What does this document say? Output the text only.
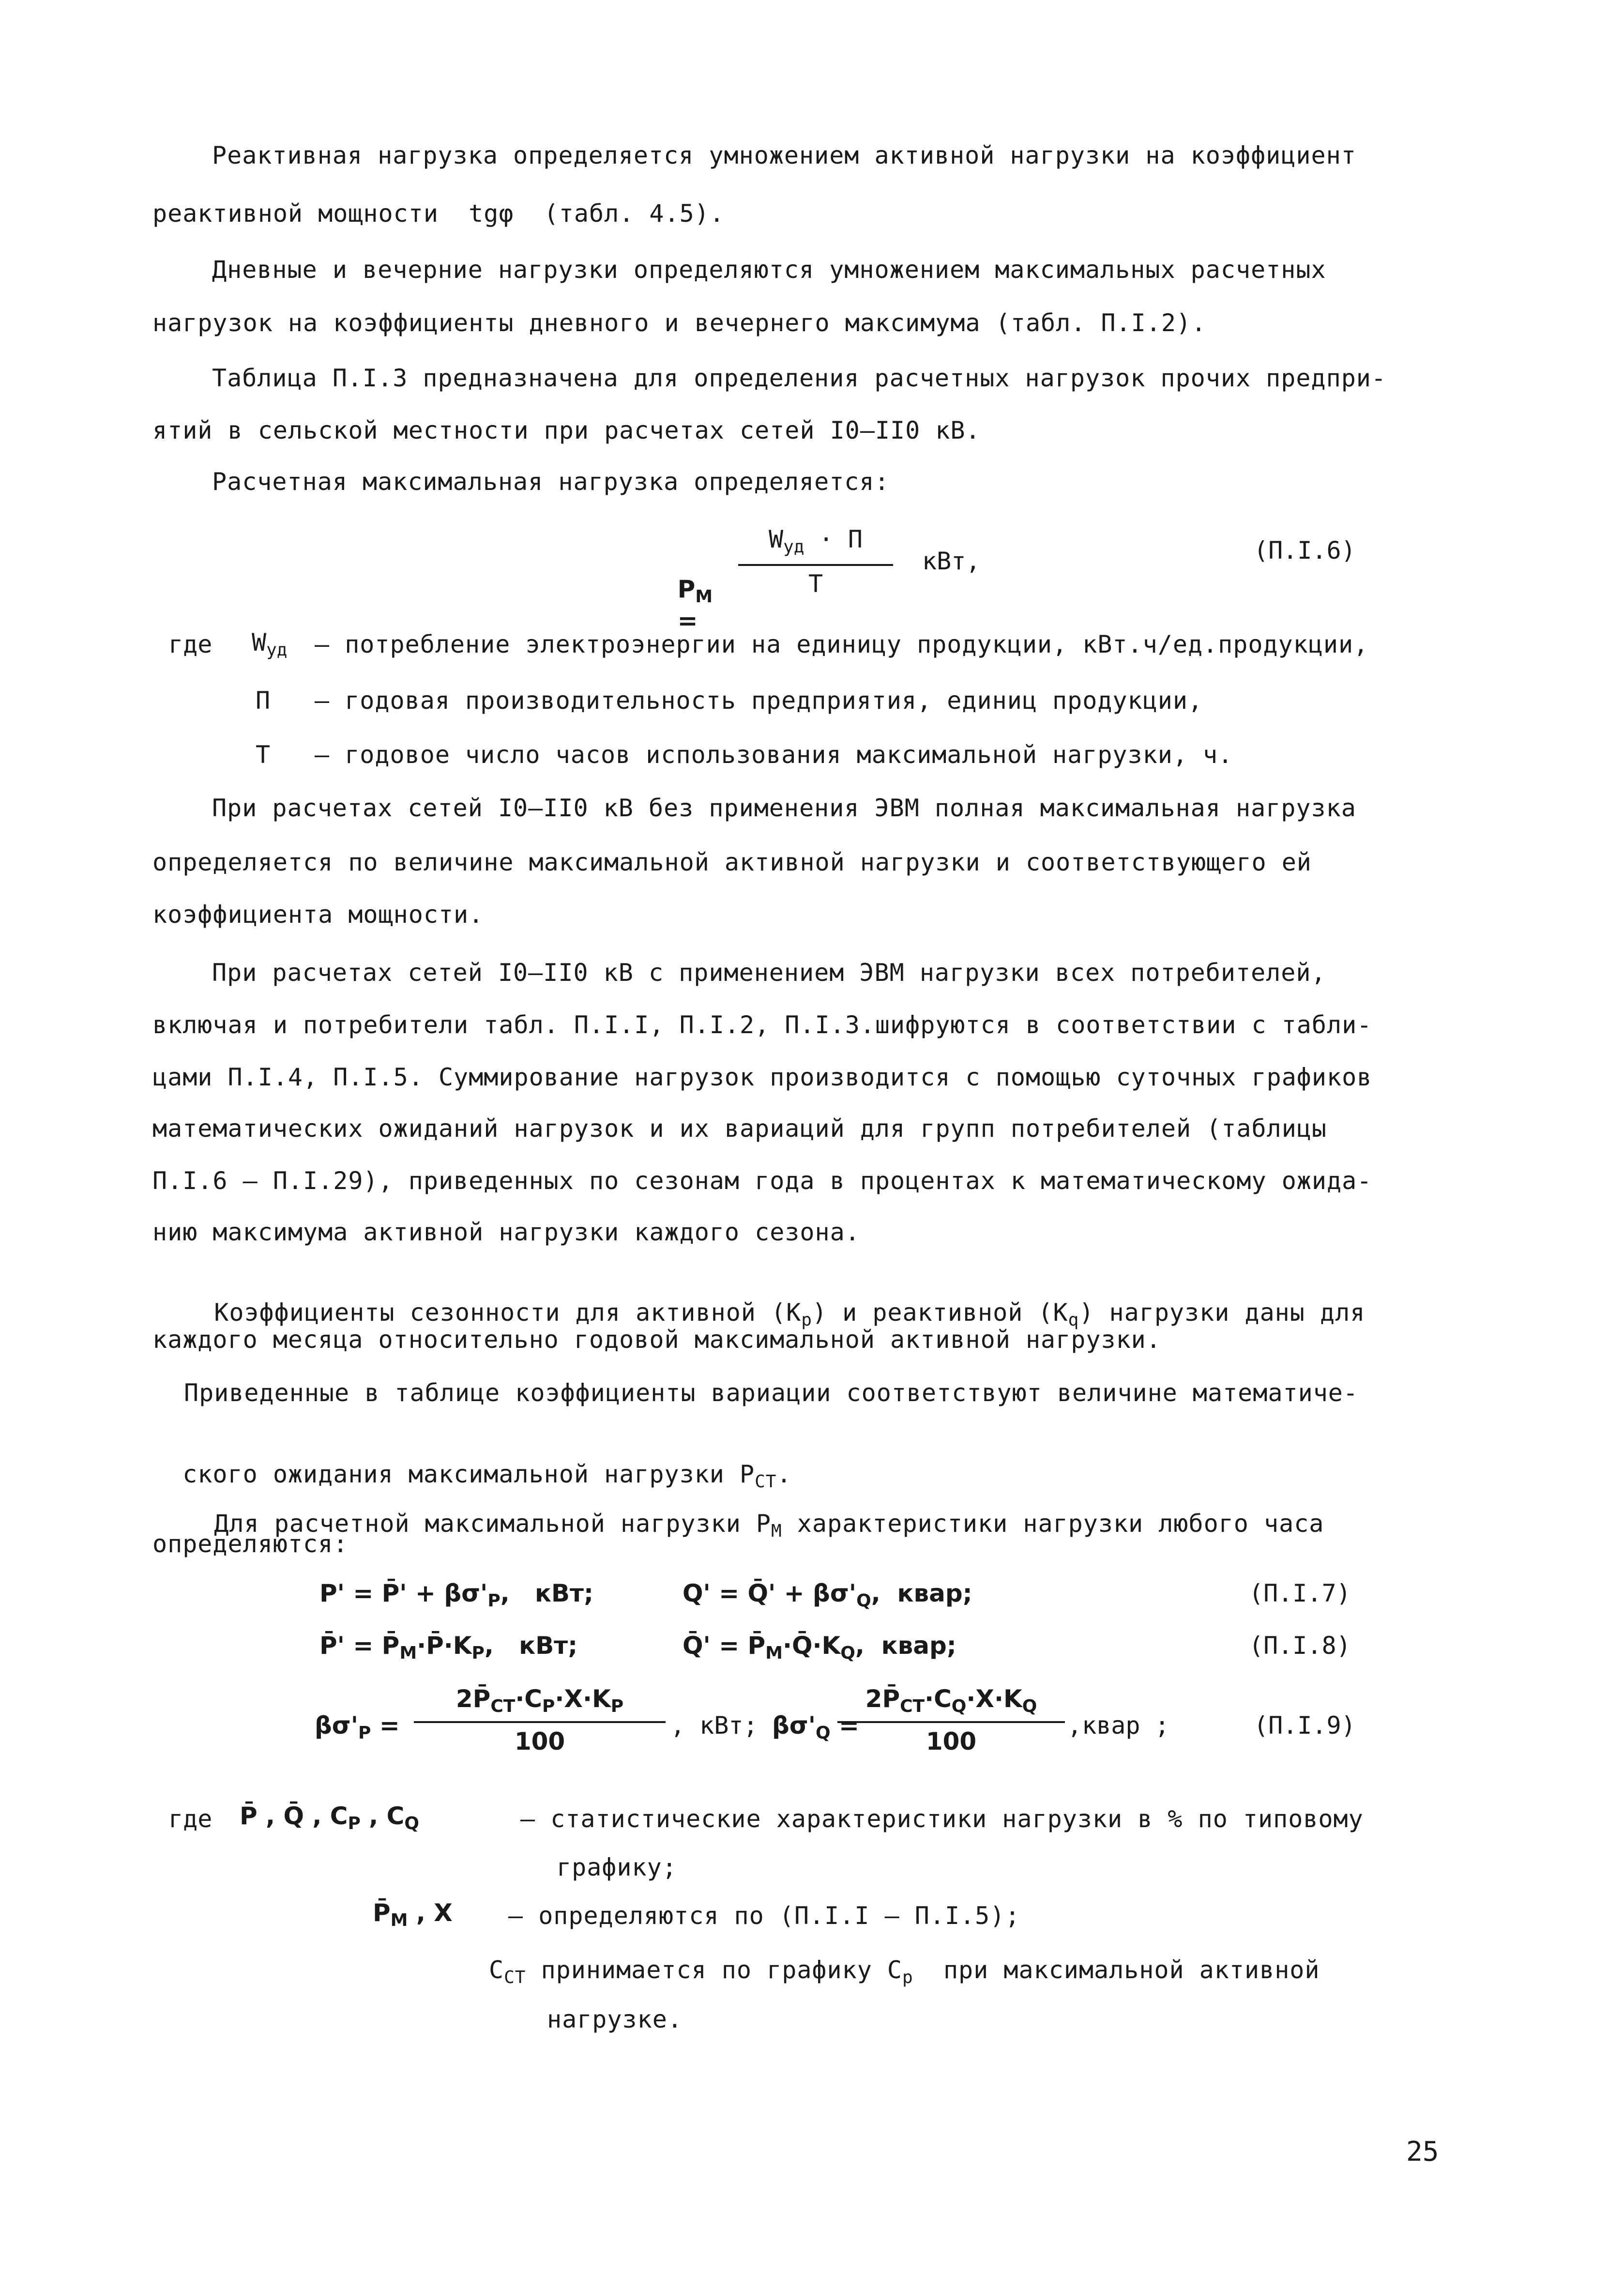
Реактивная нагрузка определяется умножением активной нагрузки на коэффициент
реактивной мощности  tgφ  (табл. 4.5).
Дневные и вечерние нагрузки определяются умножением максимальных расчетных
нагрузок на коэффициенты дневного и вечернего максимума (табл. П.I.2).
Таблица П.I.3 предназначена для определения расчетных нагрузок прочих предпри-
ятий в сельской местности при расчетах сетей I0–II0 кВ.
Расчетная максимальная нагрузка определяется:

$Р_М$
=

$W_{уд} \cdot П$
Т
кВт,	(П.I.6)
где $W_{уд}$ – потребление электроэнергии на единицу продукции, кВт.ч/ед.продукции,
П – годовая производительность предприятия, единиц продукции,
Т – годовое число часов использования максимальной нагрузки, ч.
При расчетах сетей I0–II0 кВ без применения ЭВМ полная максимальная нагрузка
определяется по величине максимальной активной нагрузки и соответствующего ей
коэффициента мощности.
При расчетах сетей I0–II0 кВ с применением ЭВМ нагрузки всех потребителей,
включая и потребители табл. П.I.I, П.I.2, П.I.3.шифруются в соответствии с табли-
цами П.I.4, П.I.5. Суммирование нагрузок производится с помощью суточных графиков
математических ожиданий нагрузок и их вариаций для групп потребителей (таблицы
П.I.6 – П.I.29), приведенных по сезонам года в процентах к математическому ожида-
нию максимума активной нагрузки каждого сезона.

Коэффициенты сезонности для активной $(К_р)$ и реактивной $(К_q)$ нагрузки даны для

каждого месяца относительно годовой максимальной активной нагрузки.
Приведенные в таблице коэффициенты вариации соответствуют величине математиче-

ского ожидания максимальной нагрузки $Р_{СТ}$.

Для расчетной максимальной нагрузки $Р_М$ характеристики нагрузки любого часа

определяются:
P' = P̄' + $\beta\sigma'_P$,   кВт;	Q' = Q̄' + $\beta\sigma'_Q$,  квар;	(П.I.7)
P̄' = $P̄_M\cdot P̄\cdot K_P$,   кВт;	Q̄' = $P̄_M\cdot Q̄\cdot K_Q$,  квар;	(П.I.8)
$\beta\sigma'_P$ =
$2P̄_{CT}\cdot C_P\cdot X\cdot K_P$
100
, кВт; $\beta\sigma'_Q$ =
$2P̄_{CT}\cdot C_Q\cdot X\cdot K_Q$
100
,квар ;	(П.I.9)
где P̄ , Q̄ , $C_P$ , $C_Q$	– статистические характеристики нагрузки в % по типовому
графику;
$P̄_M$ , X – определяются по (П.I.I – П.I.5);
$C_{СТ}$ принимается по графику $С_р$  при максимальной активной
нагрузке.
25
